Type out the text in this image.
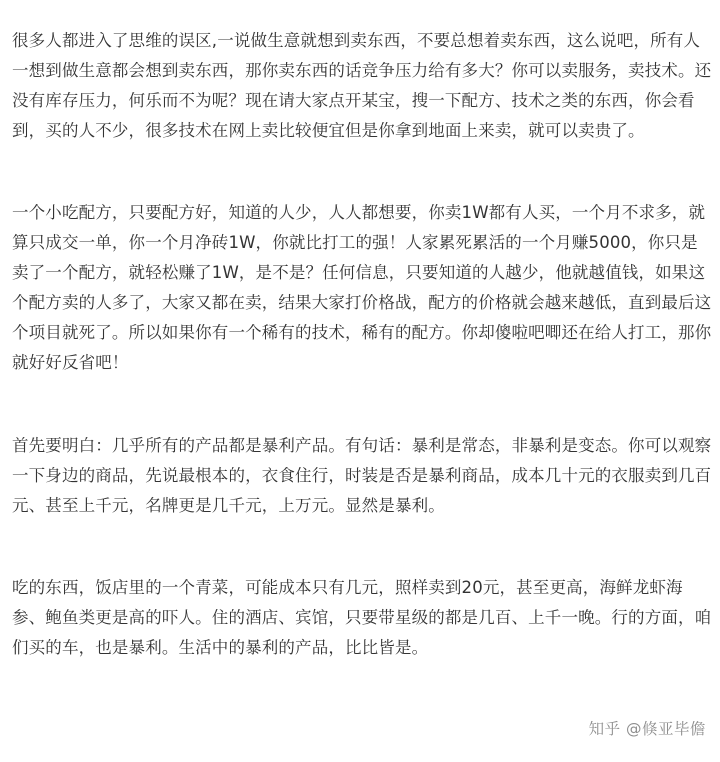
很多人都进入了思维的误区,一说做生意就想到卖东西，不要总想着卖东西，这么说吧，所有人一想到做生意都会想到卖东西，那你卖东西的话竞争压力给有多大？你可以卖服务，卖技术。还没有库存压力，何乐而不为呢？现在请大家点开某宝，搜一下配方、技术之类的东西，你会看到，买的人不少，很多技术在网上卖比较便宜但是你拿到地面上来卖，就可以卖贵了。

一个小吃配方，只要配方好，知道的人少，人人都想要，你卖1W都有人买，一个月不求多，就算只成交一单，你一个月净砖1W，你就比打工的强！人家累死累活的一个月赚5000，你只是卖了一个配方，就轻松赚了1W，是不是？任何信息，只要知道的人越少，他就越值钱，如果这个配方卖的人多了，大家又都在卖，结果大家打价格战，配方的价格就会越来越低，直到最后这个项目就死了。所以如果你有一个稀有的技术，稀有的配方。你却傻啦吧唧还在给人打工，那你就好好反省吧！

首先要明白：几乎所有的产品都是暴利产品。有句话：暴利是常态，非暴利是变态。你可以观察一下身边的商品，先说最根本的，衣食住行，时装是否是暴利商品，成本几十元的衣服卖到几百元、甚至上千元，名牌更是几千元，上万元。显然是暴利。

吃的东西，饭店里的一个青菜，可能成本只有几元，照样卖到20元，甚至更高，海鲜龙虾海参、鲍鱼类更是高的吓人。住的酒店、宾馆，只要带星级的都是几百、上千一晚。行的方面，咱们买的车，也是暴利。生活中的暴利的产品，比比皆是。

知乎 @倏亚毕儋
